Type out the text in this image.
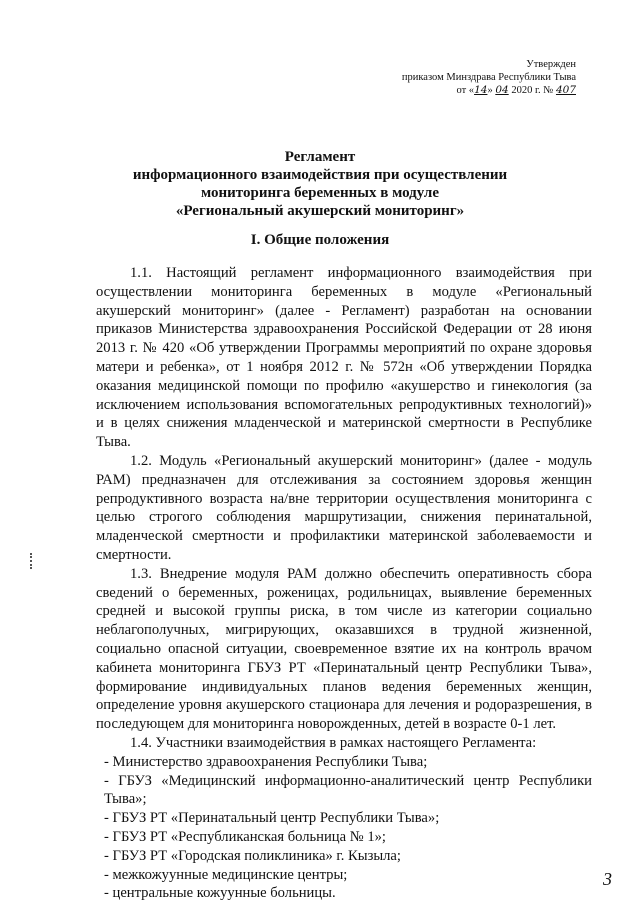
Утвержден
приказом Минздрава Республики Тыва
от «14» 04 2020 г. № 407
Регламент
информационного взаимодействия при осуществлении
мониторинга беременных в модуле
«Региональный акушерский мониторинг»
I. Общие положения

1.1. Настоящий регламент информационного взаимодействия при осуществлении мониторинга беременных в модуле «Региональный акушерский мониторинг» (далее - Регламент) разработан на основании приказов Министерства здравоохранения Российской Федерации от 28 июня 2013 г. № 420 «Об утверждении Программы мероприятий по охране здоровья матери и ребенка», от 1 ноября 2012 г. № 572н «Об утверждении Порядка оказания медицинской помощи по профилю «акушерство и гинекология (за исключением использования вспомогательных репродуктивных технологий)» и в целях снижения младенческой и материнской смертности в Республике Тыва.

1.2. Модуль «Региональный акушерский мониторинг» (далее - модуль РАМ) предназначен для отслеживания за состоянием здоровья женщин репродуктивного возраста на/вне территории осуществления мониторинга с целью строгого соблюдения маршрутизации, снижения перинатальной, младенческой смертности и профилактики материнской заболеваемости и смертности.

1.3. Внедрение модуля РАМ должно обеспечить оперативность сбора сведений о беременных, роженицах, родильницах, выявление беременных средней и высокой группы риска, в том числе из категории социально неблагополучных, мигрирующих, оказавшихся в трудной жизненной, социально опасной ситуации, своевременное взятие их на контроль врачом кабинета мониторинга ГБУЗ РТ «Перинатальный центр Республики Тыва», формирование индивидуальных планов ведения беременных женщин, определение уровня акушерского стационара для лечения и родоразрешения, в последующем для мониторинга новорожденных, детей в возрасте 0-1 лет.

1.4. Участники взаимодействия в рамках настоящего Регламента:

- Министерство здравоохранения Республики Тыва;

- ГБУЗ «Медицинский информационно-аналитический центр Республики Тыва»;

- ГБУЗ РТ «Перинатальный центр Республики Тыва»;

- ГБУЗ РТ «Республиканская больница № 1»;

- ГБУЗ РТ «Городская поликлиника» г. Кызыла;

- межкожуунные медицинские центры;

- центральные кожуунные больницы.

3
